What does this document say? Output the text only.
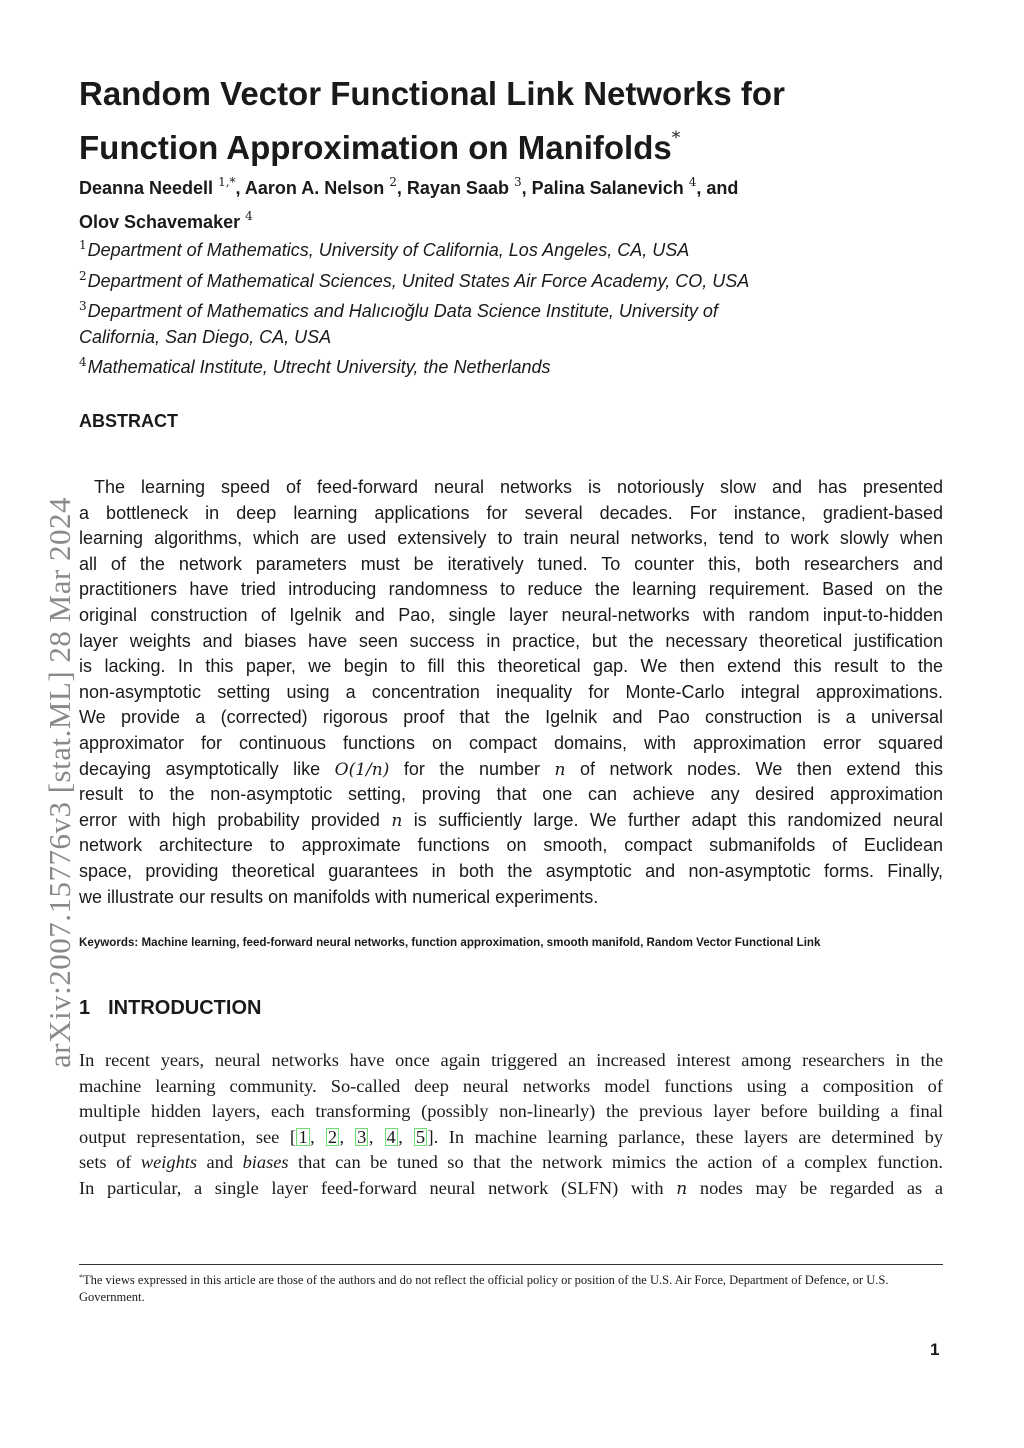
arXiv:2007.15776v3 [stat.ML] 28 Mar 2024
Random Vector Functional Link Networks for
Function Approximation on Manifolds*
Deanna Needell $^{1,*}$, Aaron A. Nelson $^2$, Rayan Saab $^3$, Palina Salanevich $^4$, and
Olov Schavemaker $^4$
$^1$Department of Mathematics, University of California, Los Angeles, CA, USA
$^2$Department of Mathematical Sciences, United States Air Force Academy, CO, USA
$^3$Department of Mathematics and Halıcıoğlu Data Science Institute, University of
California, San Diego, CA, USA
$^4$Mathematical Institute, Utrecht University, the Netherlands
ABSTRACT
The learning speed of feed-forward neural networks is notoriously slow and has presented
a bottleneck in deep learning applications for several decades. For instance, gradient-based
learning algorithms, which are used extensively to train neural networks, tend to work slowly when
all of the network parameters must be iteratively tuned. To counter this, both researchers and
practitioners have tried introducing randomness to reduce the learning requirement. Based on the
original construction of Igelnik and Pao, single layer neural-networks with random input-to-hidden
layer weights and biases have seen success in practice, but the necessary theoretical justification
is lacking. In this paper, we begin to fill this theoretical gap. We then extend this result to the
non-asymptotic setting using a concentration inequality for Monte-Carlo integral approximations.
We provide a (corrected) rigorous proof that the Igelnik and Pao construction is a universal
approximator for continuous functions on compact domains, with approximation error squared
decaying asymptotically like O(1/n) for the number n of network nodes. We then extend this
result to the non-asymptotic setting, proving that one can achieve any desired approximation
error with high probability provided n is sufficiently large. We further adapt this randomized neural
network architecture to approximate functions on smooth, compact submanifolds of Euclidean
space, providing theoretical guarantees in both the asymptotic and non-asymptotic forms. Finally,
we illustrate our results on manifolds with numerical experiments.
Keywords: Machine learning, feed-forward neural networks, function approximation, smooth manifold, Random Vector Functional Link
1 INTRODUCTION
In recent years, neural networks have once again triggered an increased interest among researchers in the
machine learning community. So-called deep neural networks model functions using a composition of
multiple hidden layers, each transforming (possibly non-linearly) the previous layer before building a final
output representation, see [ 1 , 2 , 3 , 4 , 5 ]. In machine learning parlance, these layers are determined by
sets of weights and biases that can be tuned so that the network mimics the action of a complex function.
In particular, a single layer feed-forward neural network (SLFN) with n nodes may be regarded as a
*The views expressed in this article are those of the authors and do not reflect the official policy or position of the U.S. Air Force, Department of Defence, or U.S. Government.
1
